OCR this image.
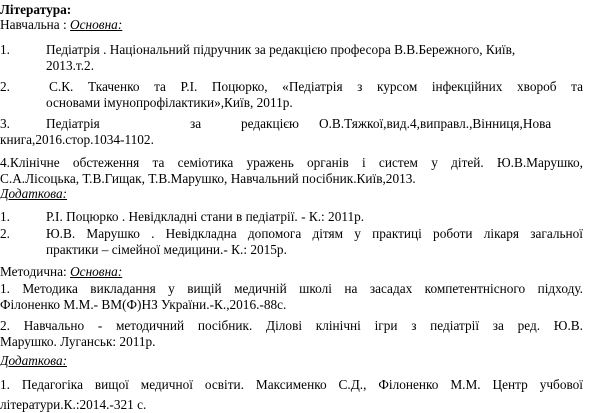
Література:
Навчальна : Основна:
1.	Педіатрія . Національний підручник за редакцією професора В.В.Бережного, Київ,
2013.т.2.
2.	С.К. Ткаченко та Р.І. Поцюрко, «Педіатрія з курсом інфекційних хвороб та
основами імунопрофілактики»,Київ, 2011р.
3.	Педіатрія	за	редакцією О.В.Тяжкої,вид.4,виправл.,Вінниця,Нова
книга,2016.стор.1034-1102.
4.Клінічне обстеження та семіотика уражень органів і систем у дітей. Ю.В.Марушко,
С.А.Лісоцька, Т.В.Гищак, Т.В.Марушко, Навчальний посібник.Київ,2013.
Додаткова:
1.	Р.І. Поцюрко . Невідкладні стани в педіатрії. - К.: 2011р.
2.	Ю.В. Марушко . Невідкладна допомога дітям у практиці роботи лікаря загальної
практики – сімейної медицини.- К.: 2015р.
Методична: Основна:
1. Методика викладання у вищій медичній школі на засадах компетентнісного підходу.
Філоненко М.М.- ВМ(Ф)НЗ України.-К.,2016.-88с.
2. Навчально - методичний посібник. Ділові клінічні ігри з педіатрії за ред. Ю.В.
Марушко. Луганськ: 2011р.
Додаткова:
1. Педагогіка вищої медичної освіти. Максименко С.Д., Філоненко М.М. Центр учбової
літератури.К.:2014.-321 с.
